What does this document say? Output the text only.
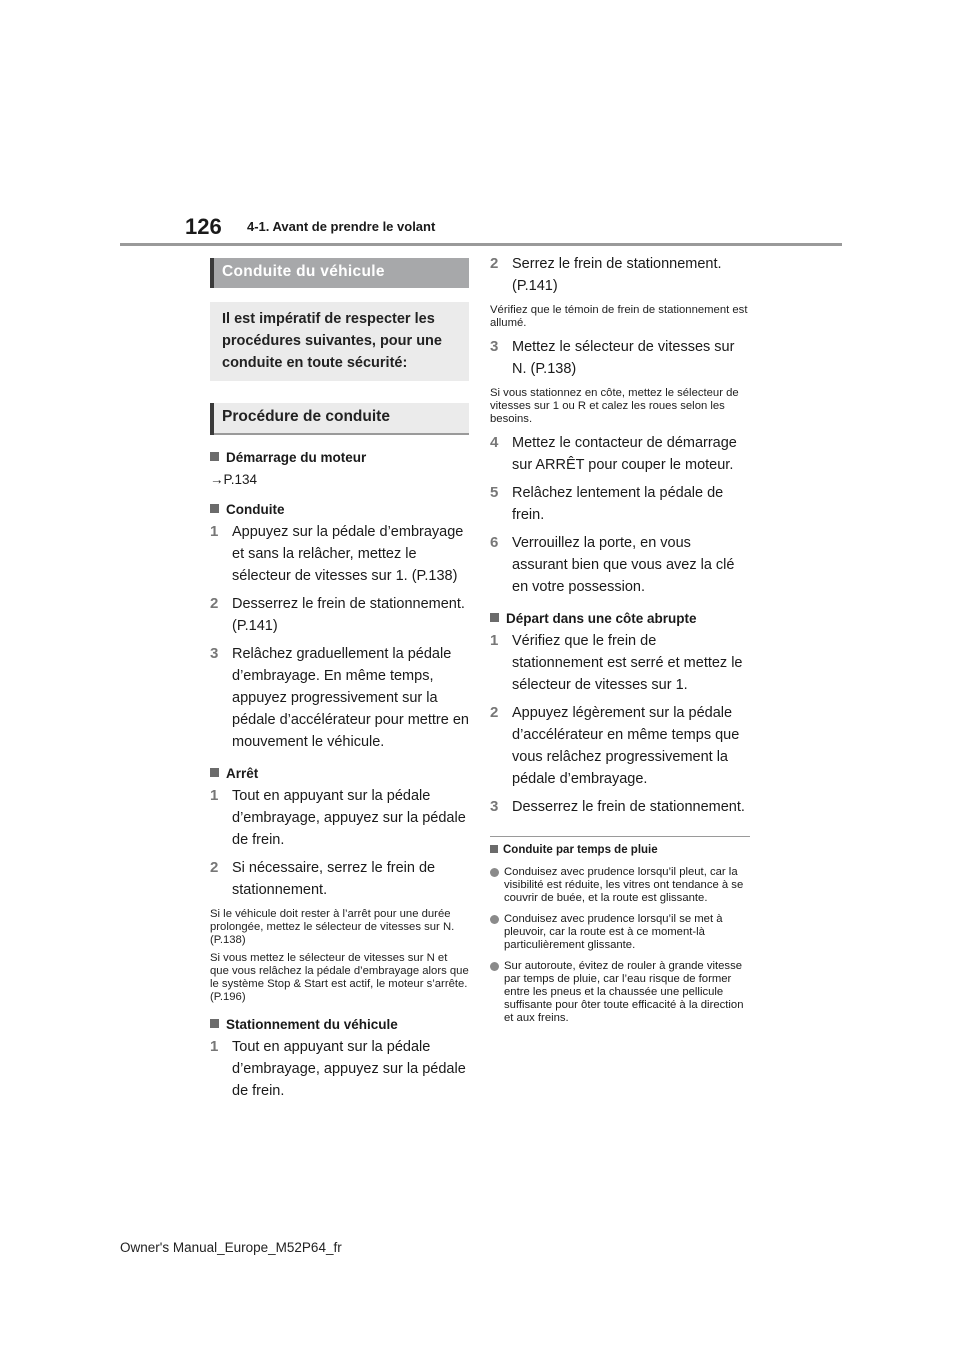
126 4-1. Avant de prendre le volant
Conduite du véhicule
Il est impératif de respecter les procédures suivantes, pour une conduite en toute sécurité:
Procédure de conduite
Démarrage du moteur
→P.134
Conduite
1 Appuyez sur la pédale d’embrayage et sans la relâcher, mettez le sélecteur de vitesses sur 1. (P.138)
2 Desserrez le frein de stationnement. (P.141)
3 Relâchez graduellement la pédale d’embrayage. En même temps, appuyez progressivement sur la pédale d’accélérateur pour mettre en mouvement le véhicule.
Arrêt
1 Tout en appuyant sur la pédale d’embrayage, appuyez sur la pédale de frein.
2 Si nécessaire, serrez le frein de stationnement.
Si le véhicule doit rester à l’arrêt pour une durée prolongée, mettez le sélecteur de vitesses sur N. (P.138)
Si vous mettez le sélecteur de vitesses sur N et que vous relâchez la pédale d’embrayage alors que le système Stop & Start est actif, le moteur s’arrête. (P.196)
Stationnement du véhicule
1 Tout en appuyant sur la pédale d’embrayage, appuyez sur la pédale de frein.
2 Serrez le frein de stationnement. (P.141)
Vérifiez que le témoin de frein de stationnement est allumé.
3 Mettez le sélecteur de vitesses sur N. (P.138)
Si vous stationnez en côte, mettez le sélecteur de vitesses sur 1 ou R et calez les roues selon les besoins.
4 Mettez le contacteur de démarrage sur ARRÊT pour couper le moteur.
5 Relâchez lentement la pédale de frein.
6 Verrouillez la porte, en vous assurant bien que vous avez la clé en votre possession.
Départ dans une côte abrupte
1 Vérifiez que le frein de stationnement est serré et mettez le sélecteur de vitesses sur 1.
2 Appuyez légèrement sur la pédale d’accélérateur en même temps que vous relâchez progressivement la pédale d’embrayage.
3 Desserrez le frein de stationnement.
Conduite par temps de pluie
Conduisez avec prudence lorsqu’il pleut, car la visibilité est réduite, les vitres ont tendance à se couvrir de buée, et la route est glissante.
Conduisez avec prudence lorsqu’il se met à pleuvoir, car la route est à ce moment-là particulièrement glissante.
Sur autoroute, évitez de rouler à grande vitesse par temps de pluie, car l’eau risque de former entre les pneus et la chaussée une pellicule suffisante pour ôter toute efficacité à la direction et aux freins.
Owner's Manual_Europe_M52P64_fr
